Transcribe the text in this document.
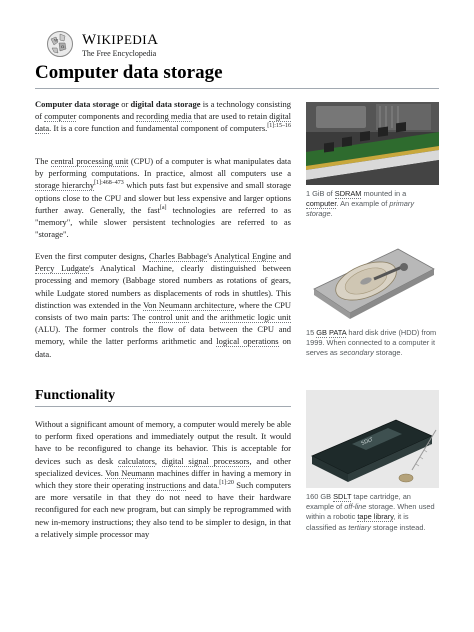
W
Ω WIKIPEDIA
The Free Encyclopedia
Computer data storage

Computer data storage or digital data storage is a technology consisting of computer components and recording media that are used to retain digital data. It is a core function and fundamental component of computers.$^{[1]:15-16}$

The central processing unit (CPU) of a computer is what manipulates data by performing computations. In practice, almost all computers use a storage hierarchy$^{[1]:468-473}$ which puts fast but expensive and small storage options close to the CPU and slower but less expensive and larger options further away. Generally, the fast[a] technologies are referred to as "memory", while slower persistent technologies are referred to as "storage".

Even the first computer designs, Charles Babbage's Analytical Engine and Percy Ludgate's Analytical Machine, clearly distinguished between processing and memory (Babbage stored numbers as rotations of gears, while Ludgate stored numbers as displacements of rods in shuttles). This distinction was extended in the Von Neumann architecture, where the CPU consists of two main parts: The control unit and the arithmetic logic unit (ALU). The former controls the flow of data between the CPU and memory, while the latter performs arithmetic and logical operations on data.

Functionality

Without a significant amount of memory, a computer would merely be able to perform fixed operations and immediately output the result. It would have to be reconfigured to change its behavior. This is acceptable for devices such as desk calculators, digital signal processors, and other specialized devices. Von Neumann machines differ in having a memory in which they store their operating instructions and data.$^{[1]:20}$ Such computers are more versatile in that they do not need to have their hardware reconfigured for each new program, but can simply be reprogrammed with new in-memory instructions; they also tend to be simpler to design, in that a relatively simple processor may

1 GiB of SDRAM mounted in a computer. An example of primary storage.
15 GB PATA hard disk drive (HDD) from 1999. When connected to a computer it serves as secondary storage.
SDLT
160 GB SDLT tape cartridge, an example of off-line storage. When used within a robotic tape library, it is classified as tertiary storage instead.
